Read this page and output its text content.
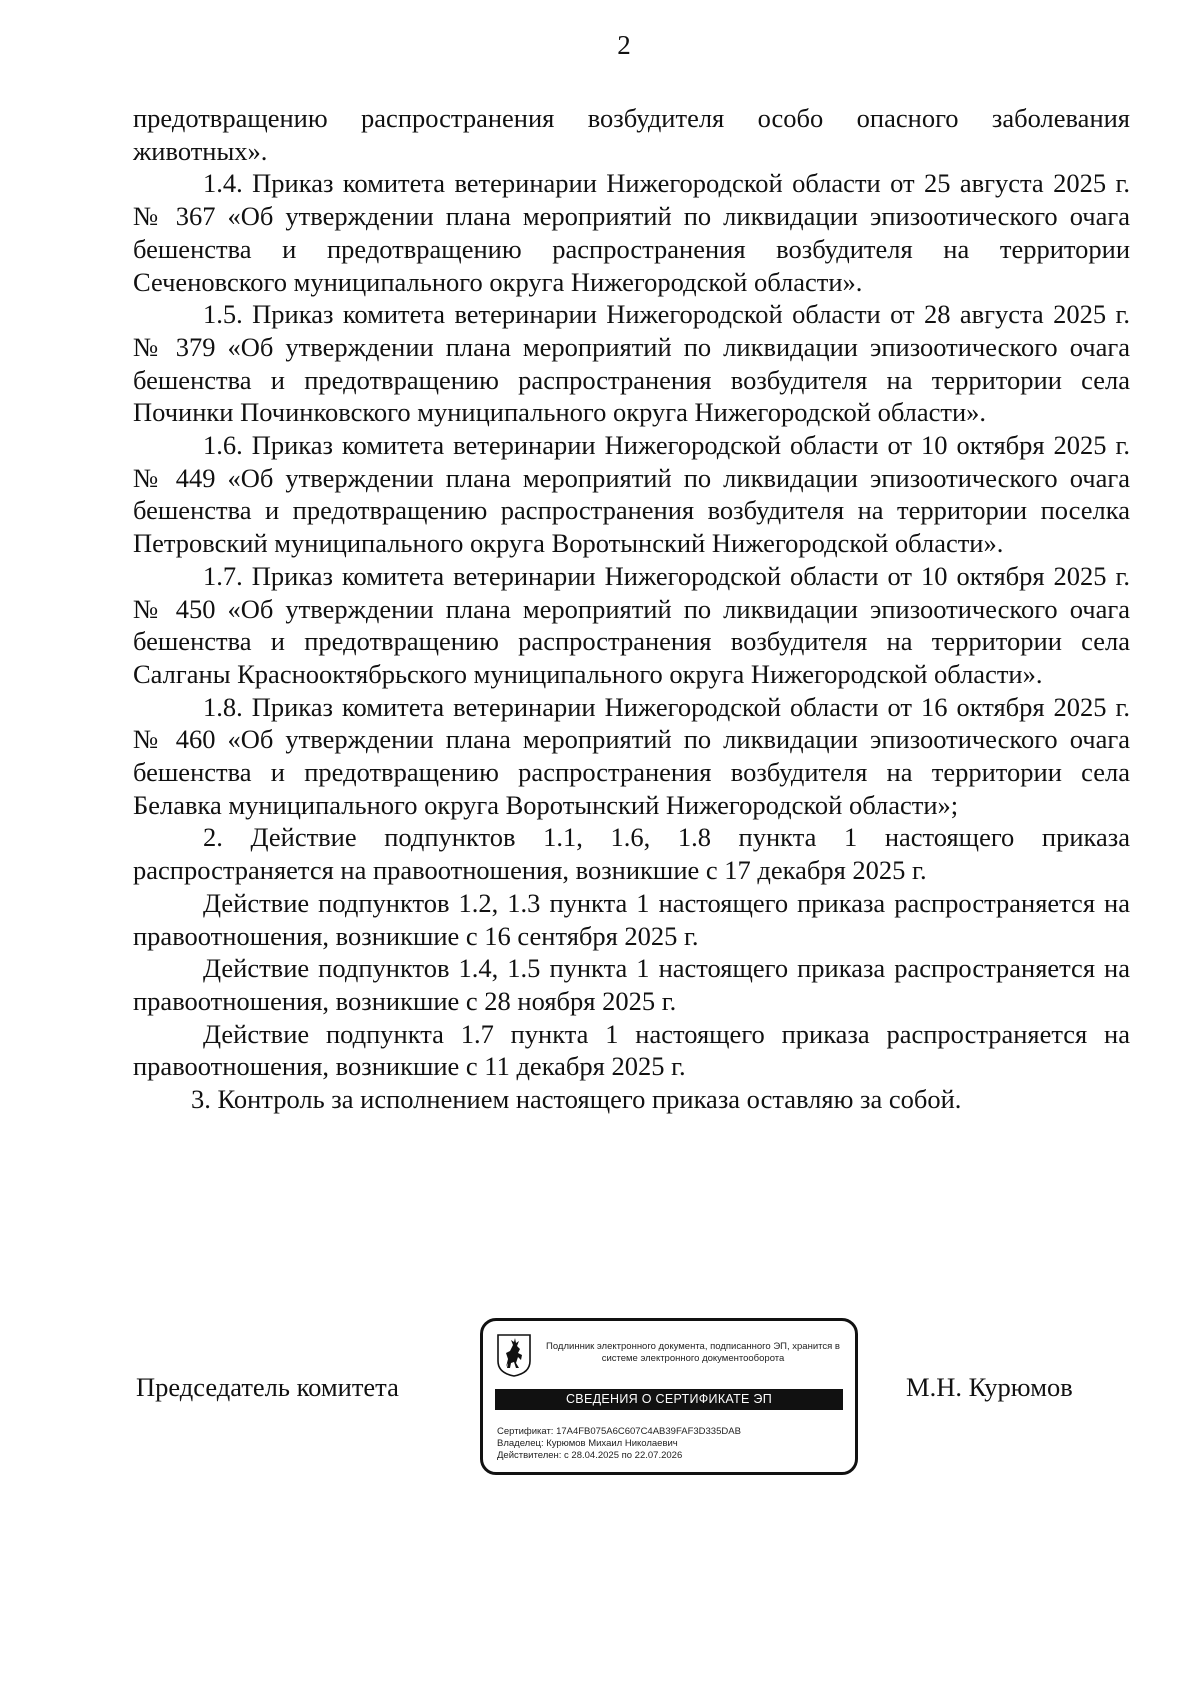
2

предотвращению распространения возбудителя особо опасного заболевания животных».

1.4. Приказ комитета ветеринарии Нижегородской области от 25 августа 2025 г. № 367 «Об утверждении плана мероприятий по ликвидации эпизоотического очага бешенства и предотвращению распространения возбудителя на территории Сеченовского муниципального округа Нижегородской области».

1.5. Приказ комитета ветеринарии Нижегородской области от 28 августа 2025 г. № 379 «Об утверждении плана мероприятий по ликвидации эпизоотического очага бешенства и предотвращению распространения возбудителя на территории села Починки Починковского муниципального округа Нижегородской области».

1.6. Приказ комитета ветеринарии Нижегородской области от 10 октября 2025 г. № 449 «Об утверждении плана мероприятий по ликвидации эпизоотического очага бешенства и предотвращению распространения возбудителя на территории поселка Петровский муниципального округа Воротынский Нижегородской области».

1.7. Приказ комитета ветеринарии Нижегородской области от 10 октября 2025 г. № 450 «Об утверждении плана мероприятий по ликвидации эпизоотического очага бешенства и предотвращению распространения возбудителя на территории села Салганы Краснооктябрьского муниципального округа Нижегородской области».

1.8. Приказ комитета ветеринарии Нижегородской области от 16 октября 2025 г. № 460 «Об утверждении плана мероприятий по ликвидации эпизоотического очага бешенства и предотвращению распространения возбудителя на территории села Белавка муниципального округа Воротынский Нижегородской области»;

2. Действие подпунктов 1.1, 1.6, 1.8 пункта 1 настоящего приказа распространяется на правоотношения, возникшие с 17 декабря 2025 г.

Действие подпунктов 1.2, 1.3 пункта 1 настоящего приказа распространяется на правоотношения, возникшие с 16 сентября 2025 г.

Действие подпунктов 1.4, 1.5 пункта 1 настоящего приказа распространяется на правоотношения, возникшие с 28 ноября 2025 г.

Действие подпункта 1.7 пункта 1 настоящего приказа распространяется на правоотношения, возникшие с 11 декабря 2025 г.

3. Контроль за исполнением настоящего приказа оставляю за собой.

Председатель комитета
Подлинник электронного документа, подписанного ЭП, хранится в системе электронного документооборота
СВЕДЕНИЯ О СЕРТИФИКАТЕ ЭП
Сертификат: 17A4FB075A6C607C4AB39FAF3D335DAB
Владелец: Курюмов Михаил Николаевич
Действителен: с 28.04.2025 по 22.07.2026
М.Н. Курюмов
